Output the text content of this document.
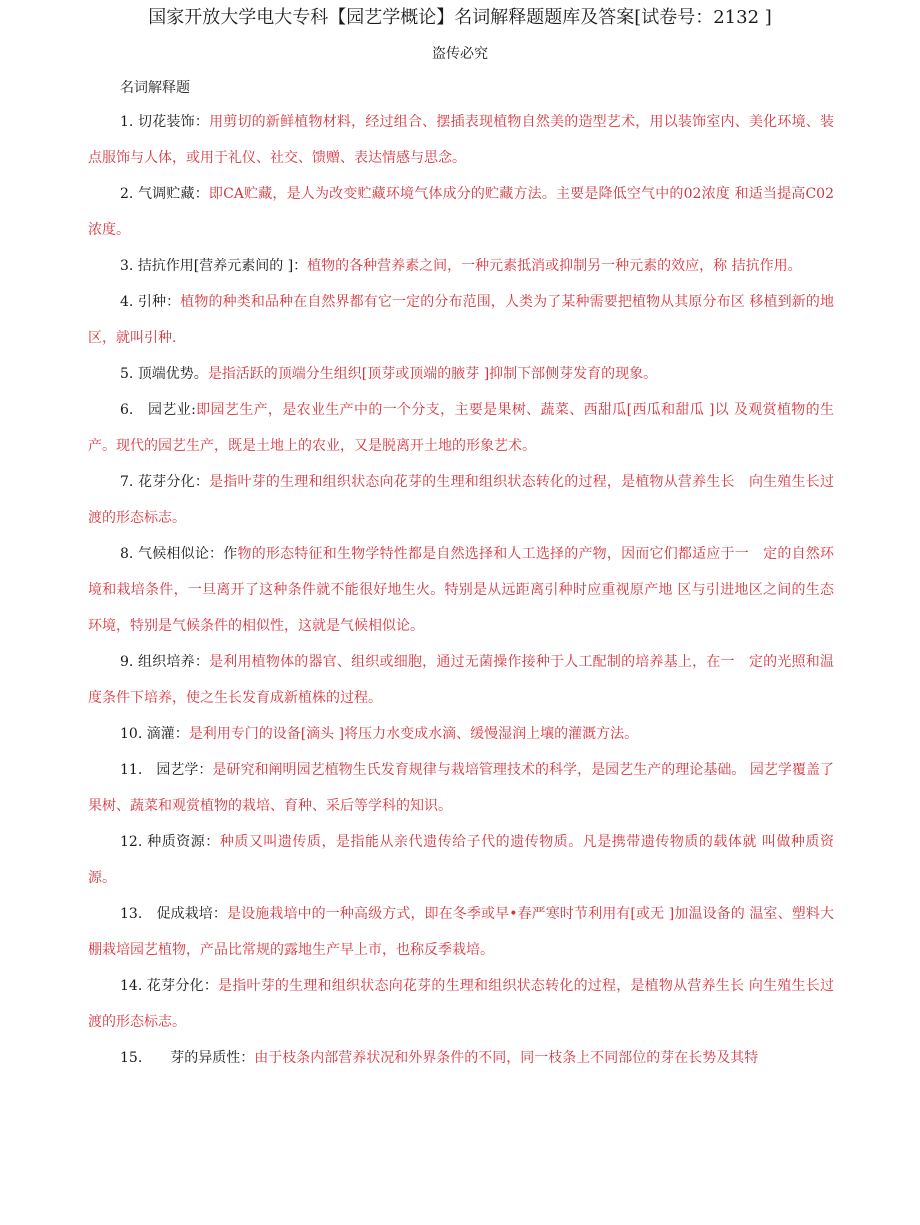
国家开放大学电大专科【园艺学概论】名词解释题题库及答案[试卷号：2132 ]
盗传必究
名词解释题

1. 切花装饰：用剪切的新鲜植物材料，经过组合、摆插表现植物自然美的造型艺术，用以装饰室内、美化环境、装点服饰与人体，或用于礼仪、社交、馈赠、表达情感与思念。

2. 气调贮藏：即CA贮藏，是人为改变贮藏环境气体成分的贮藏方法。主要是降低空气中的02浓度 和适当提高C02浓度。

3. 拮抗作用[营养元素间的 ]：植物的各种营养素之间，一种元素抵消或抑制另一种元素的效应，称 拮抗作用。

4. 引种：植物的种类和品种在自然界都有它一定的分布范围，人类为了某种需要把植物从其原分布区 移植到新的地区，就叫引种.

5. 顶端优势。是指活跃的顶端分生组织[顶芽或顶端的腋芽 ]抑制下部侧芽发育的现象。

6.　园艺业:即园艺生产，是农业生产中的一个分支，主要是果树、蔬菜、西甜瓜[西瓜和甜瓜 ]以 及观赏植物的生产。现代的园艺生产，既是土地上的农业，又是脱离开土地的形象艺术。

7. 花芽分化：是指叶芽的生理和组织状态向花芽的生理和组织状态转化的过程，是植物从营养生长　向生殖生长过渡的形态标志。

8. 气候相似论：作物的形态特征和生物学特性都是自然选择和人工选择的产物，因而它们都适应于一　定的自然环境和栽培条件，一旦离开了这种条件就不能很好地生火。特别是从远距离引种时应重视原产地 区与引进地区之间的生态环境，特别是气候条件的相似性，这就是气候相似论。

9. 组织培养：是利用植物体的器官、组织或细胞，通过无菌操作接种于人工配制的培养基上，在一　定的光照和温度条件下培养，使之生长发育成新植株的过程。

10. 滴灌：是利用专门的设备[滴头 ]将压力水变成水滴、缓慢湿润上壤的灌溉方法。

11.　园艺学：是研究和阐明园艺植物生氏发育规律与栽培管理技术的科学，是园艺生产的理论基础。 园艺学覆盖了果树、蔬菜和观赏植物的栽培、育种、采后等学科的知识。

12. 种质资源：种质又叫遗传质，是指能从亲代遗传给子代的遗传物质。凡是携带遗传物质的载体就 叫做种质资源。

13.　促成栽培：是设施栽培中的一种高级方式，即在冬季或早•春严寒时节利用有[或无 ]加温设备的 温室、塑料大棚栽培园艺植物，产品比常规的露地生产早上市，也称反季栽培。

14. 花芽分化：是指叶芽的生理和组织状态向花芽的生理和组织状态转化的过程，是植物从营养生长 向生殖生长过渡的形态标志。

15.　　芽的异质性：由于枝条内部营养状况和外界条件的不同，同一枝条上不同部位的芽在长势及其特
